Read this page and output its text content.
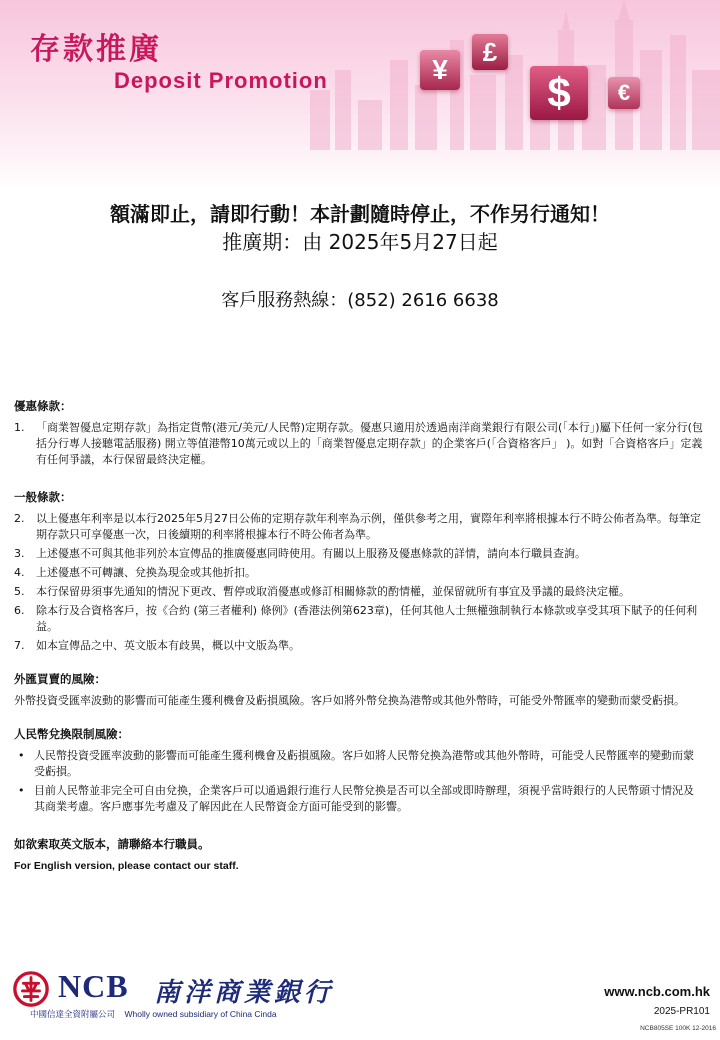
存款推廣
Deposit Promotion	¥
£
$	€
額滿即止，請即行動！本計劃隨時停止，不作另行通知！
推廣期：由 2025年5月27日起
客戶服務熱線：(852) 2616 6638
優惠條款：
1.	「商業智優息定期存款」為指定貨幣(港元/美元/人民幣)定期存款。優惠只適用於透過南洋商業銀行有限公司(「本行」)屬下任何一家分行(包括分行專人接聽電話服務) 開立等值港幣10萬元或以上的「商業智優息定期存款」的企業客戶(「合資格客戶」 )。如對「合資格客戶」定義有任何爭議，本行保留最終決定權。
一般條款：
2.	以上優惠年利率是以本行2025年5月27日公佈的定期存款年利率為示例，僅供參考之用，實際年利率將根據本行不時公佈者為準。每筆定期存款只可享優惠一次，日後續期的利率將根據本行不時公佈者為準。
3.	上述優惠不可與其他非列於本宣傳品的推廣優惠同時使用。有關以上服務及優惠條款的詳情，請向本行職員查詢。
4.	上述優惠不可轉讓、兌換為現金或其他折扣。
5.	本行保留毋須事先通知的情況下更改、暫停或取消優惠或修訂相關條款的酌情權，並保留就所有事宜及爭議的最終決定權。
6.	除本行及合資格客戶，按《合約 (第三者權利) 條例》(香港法例第623章)，任何其他人士無權強制執行本條款或享受其項下賦予的任何利益。
7.	如本宣傳品之中、英文版本有歧異，概以中文版為準。
外匯買賣的風險：
外幣投資受匯率波動的影響而可能產生獲利機會及虧損風險。客戶如將外幣兌換為港幣或其他外幣時，可能受外幣匯率的變動而蒙受虧損。
人民幣兌換限制風險：
• 人民幣投資受匯率波動的影響而可能產生獲利機會及虧損風險。客戶如將人民幣兌換為港幣或其他外幣時，可能受人民幣匯率的變動而蒙受虧損。
• 目前人民幣並非完全可自由兌換，企業客戶可以通過銀行進行人民幣兌換是否可以全部或即時辦理，須視乎當時銀行的人民幣頭寸情況及其商業考慮。客戶應事先考慮及了解因此在人民幣資金方面可能受到的影響。
如欲索取英文版本，請聯絡本行職員。
For English version, please contact our staff.
NCB 南洋商業銀行
中國信達全資附屬公司 Wholly owned subsidiary of China Cinda
www.ncb.com.hk
2025-PR101
NCB805SE 100K 12-2016
